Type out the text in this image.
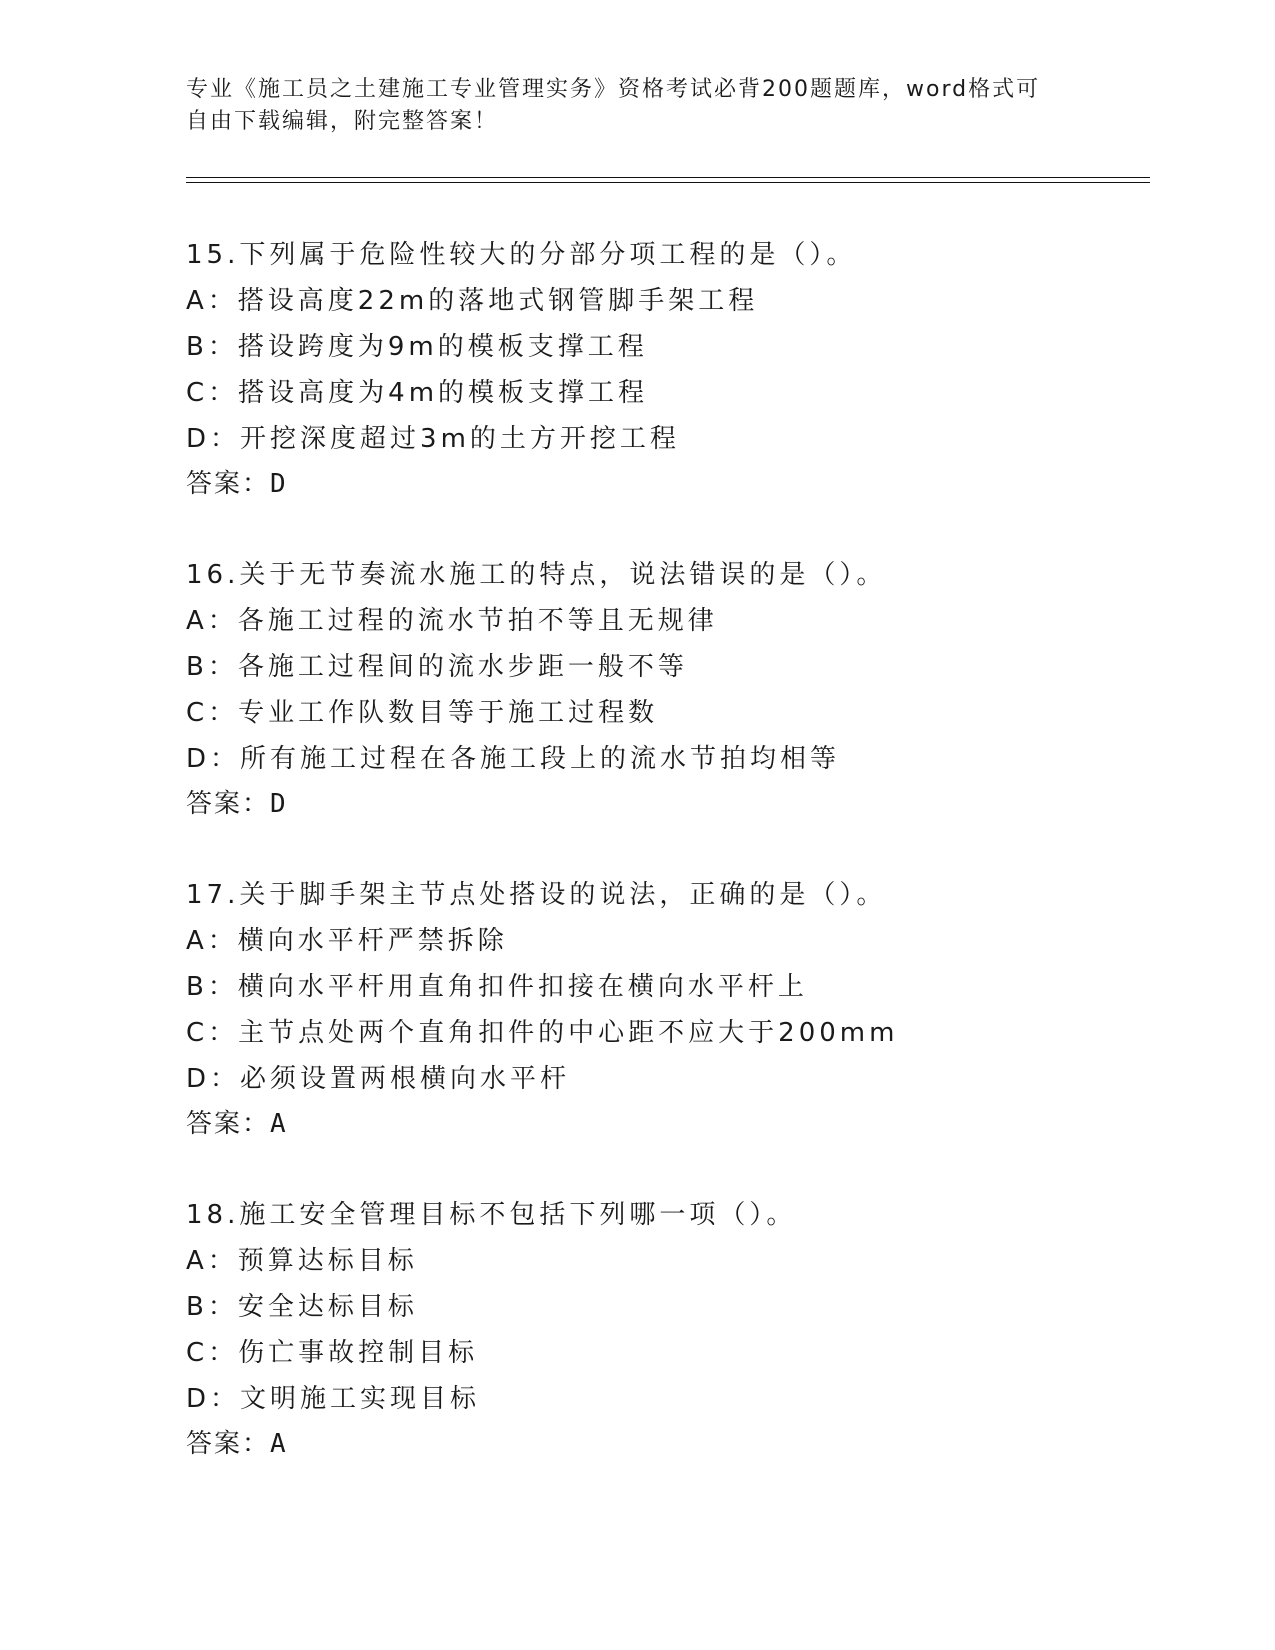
专业《施工员之土建施工专业管理实务》资格考试必背200题题库，word格式可
自由下载编辑，附完整答案！
15.下列属于危险性较大的分部分项工程的是（）。
A：搭设高度22m的落地式钢管脚手架工程
B：搭设跨度为9m的模板支撑工程
C：搭设高度为4m的模板支撑工程
D：开挖深度超过3m的土方开挖工程
答案：D
16.关于无节奏流水施工的特点，说法错误的是（）。
A：各施工过程的流水节拍不等且无规律
B：各施工过程间的流水步距一般不等
C：专业工作队数目等于施工过程数
D：所有施工过程在各施工段上的流水节拍均相等
答案：D
17.关于脚手架主节点处搭设的说法，正确的是（）。
A：横向水平杆严禁拆除
B：横向水平杆用直角扣件扣接在横向水平杆上
C：主节点处两个直角扣件的中心距不应大于200mm
D：必须设置两根横向水平杆
答案：A
18.施工安全管理目标不包括下列哪一项（）。
A：预算达标目标
B：安全达标目标
C：伤亡事故控制目标
D：文明施工实现目标
答案：A
